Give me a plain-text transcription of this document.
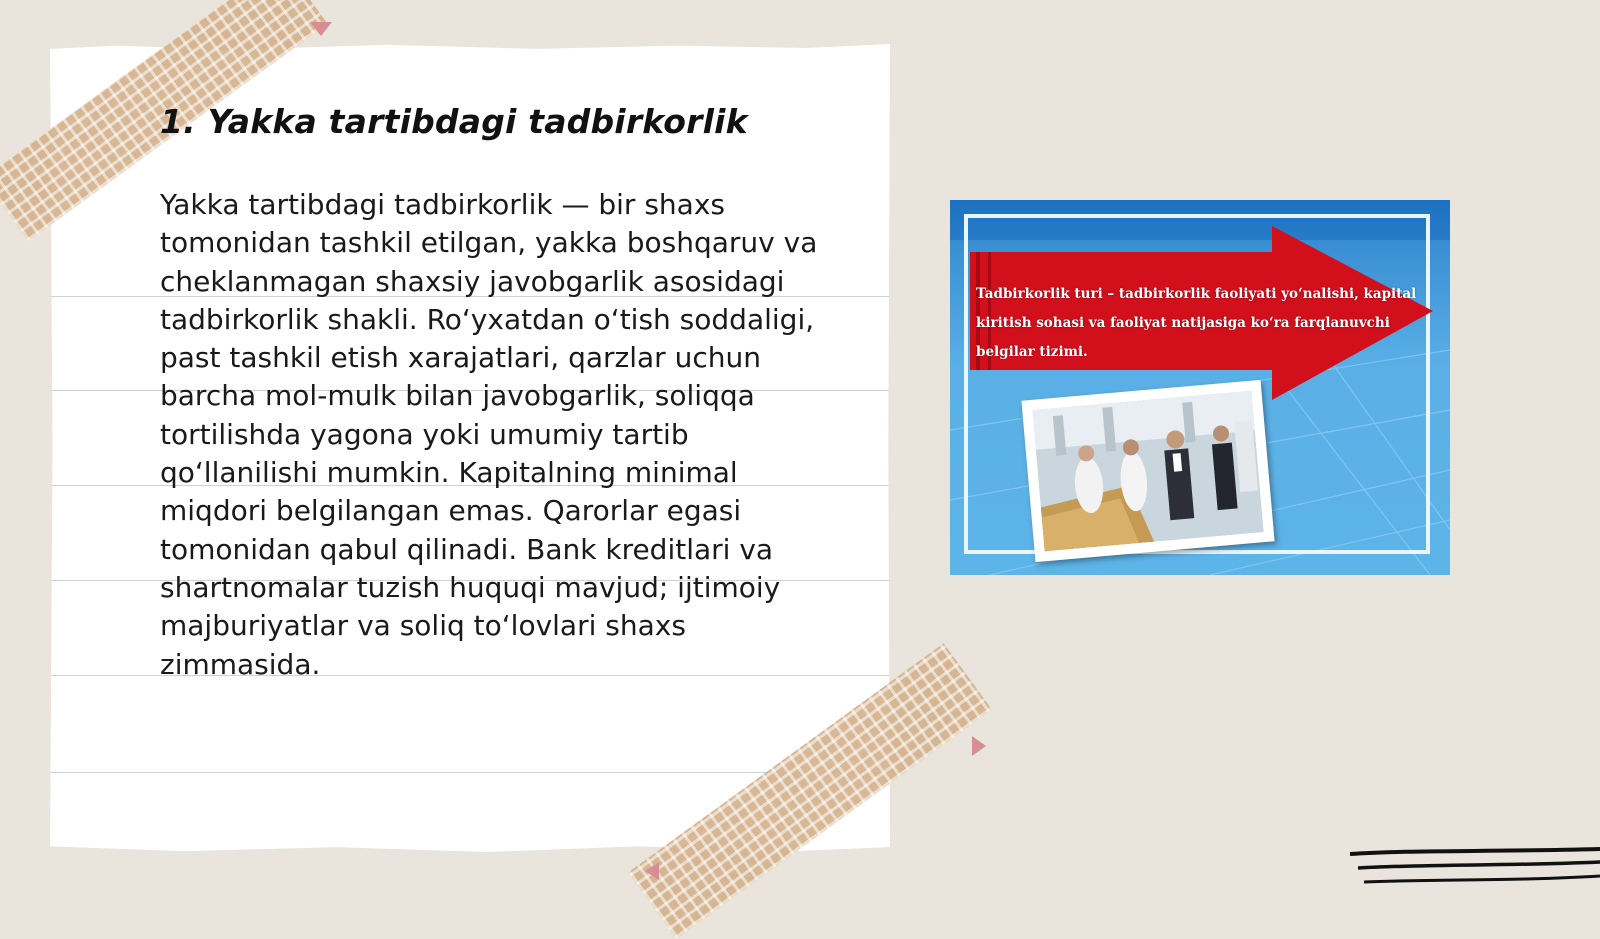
1. Yakka tartibdagi tadbirkorlik

Yakka tartibdagi tadbirkorlik — bir shaxs tomonidan tashkil etilgan, yakka boshqaruv va cheklanmagan shaxsiy javobgarlik asosidagi tadbirkorlik shakli. Ro‘yxatdan o‘tish soddaligi, past tashkil etish xarajatlari, qarzlar uchun barcha mol-mulk bilan javobgarlik, soliqqa tortilishda yagona yoki umumiy tartib qo‘llanilishi mumkin. Kapitalning minimal miqdori belgilangan emas. Qarorlar egasi tomonidan qabul qilinadi. Bank kreditlari va shartnomalar tuzish huquqi mavjud; ijtimoiy majburiyatlar va soliq to‘lovlari shaxs zimmasida.

Tadbirkorlik turi – tadbirkorlik faoliyati yo‘nalishi, kapital kiritish sohasi va faoliyat natijasiga ko‘ra farqlanuvchi belgilar tizimi.
